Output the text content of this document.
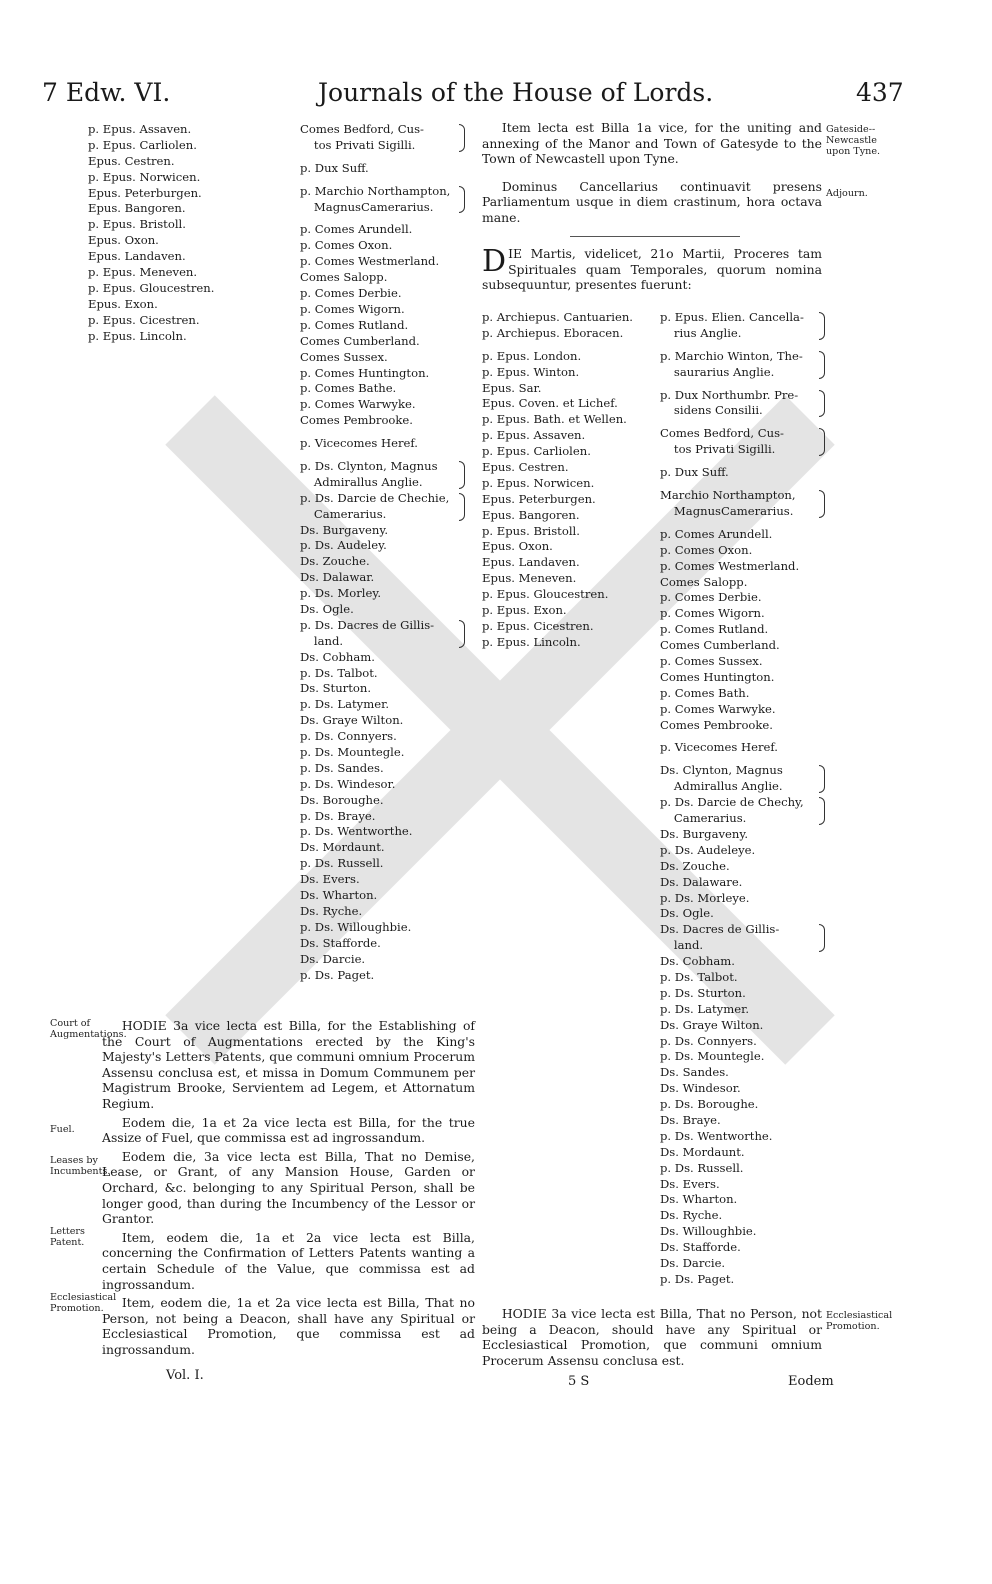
7 Edw. VI.	Journals of the House of Lords.	437
p. Epus. Assaven.
p. Epus. Carliolen.
Epus. Cestren.
p. Epus. Norwicen.
Epus. Peterburgen.
Epus. Bangoren.
p. Epus. Bristoll.
Epus. Oxon.
Epus. Landaven.
p. Epus. Meneven.
p. Epus. Gloucestren.
Epus. Exon.
p. Epus. Cicestren.
p. Epus. Lincoln.
Comes Bedford, Cus-
tos Privati Sigilli.
p. Dux Suff.
p. Marchio Northampton,
MagnusCamerarius.
p. Comes Arundell.
p. Comes Oxon.
p. Comes Westmerland.
Comes Salopp.
p. Comes Derbie.
p. Comes Wigorn.
p. Comes Rutland.
Comes Cumberland.
Comes Sussex.
p. Comes Huntington.
p. Comes Bathe.
p. Comes Warwyke.
Comes Pembrooke.
p. Vicecomes Heref.
p. Ds. Clynton, Magnus
Admirallus Anglie.
p. Ds. Darcie de Chechie,
Camerarius.
Ds. Burgaveny.
p. Ds. Audeley.
Ds. Zouche.
Ds. Dalawar.
p. Ds. Morley.
Ds. Ogle.
p. Ds. Dacres de Gillis-
land.
Ds. Cobham.
p. Ds. Talbot.
Ds. Sturton.
p. Ds. Latymer.
Ds. Graye Wilton.
p. Ds. Connyers.
p. Ds. Mountegle.
p. Ds. Sandes.
p. Ds. Windesor.
Ds. Boroughe.
p. Ds. Braye.
p. Ds. Wentworthe.
Ds. Mordaunt.
p. Ds. Russell.
Ds. Evers.
Ds. Wharton.
Ds. Ryche.
p. Ds. Willoughbie.
Ds. Stafforde.
Ds. Darcie.
p. Ds. Paget.

Item lecta est Billa 1a vice, for the uniting and annexing of the Manor and Town of Gatesyde to the Town of Newcastell upon Tyne.

Dominus Cancellarius continuavit presens Parliamentum usque in diem crastinum, hora octava mane.

DIE Martis, videlicet, 21o Martii, Proceres tam Spirituales quam Temporales, quorum nomina subsequuntur, presentes fuerunt:

p. Archiepus. Cantuarien.
p. Archiepus. Eboracen.
p. Epus. London.
p. Epus. Winton.
Epus. Sar.
Epus. Coven. et Lichef.
p. Epus. Bath. et Wellen.
p. Epus. Assaven.
p. Epus. Carliolen.
Epus. Cestren.
p. Epus. Norwicen.
Epus. Peterburgen.
Epus. Bangoren.
p. Epus. Bristoll.
Epus. Oxon.
Epus. Landaven.
Epus. Meneven.
p. Epus. Gloucestren.
p. Epus. Exon.
p. Epus. Cicestren.
p. Epus. Lincoln.
p. Epus. Elien. Cancella-
rius Anglie.
p. Marchio Winton, The-
saurarius Anglie.
p. Dux Northumbr. Pre-
sidens Consilii.
Comes Bedford, Cus-
tos Privati Sigilli.
p. Dux Suff.
Marchio Northampton,
MagnusCamerarius.
p. Comes Arundell.
p. Comes Oxon.
p. Comes Westmerland.
Comes Salopp.
p. Comes Derbie.
p. Comes Wigorn.
p. Comes Rutland.
Comes Cumberland.
p. Comes Sussex.
Comes Huntington.
p. Comes Bath.
p. Comes Warwyke.
Comes Pembrooke.
p. Vicecomes Heref.
Ds. Clynton, Magnus
Admirallus Anglie.
p. Ds. Darcie de Chechy,
Camerarius.
Ds. Burgaveny.
p. Ds. Audeleye.
Ds. Zouche.
Ds. Dalaware.
p. Ds. Morleye.
Ds. Ogle.
Ds. Dacres de Gillis-
land.
Ds. Cobham.
p. Ds. Talbot.
p. Ds. Sturton.
p. Ds. Latymer.
Ds. Graye Wilton.
p. Ds. Connyers.
p. Ds. Mountegle.
Ds. Sandes.
Ds. Windesor.
p. Ds. Boroughe.
Ds. Braye.
p. Ds. Wentworthe.
Ds. Mordaunt.
p. Ds. Russell.
Ds. Evers.
Ds. Wharton.
Ds. Ryche.
Ds. Willoughbie.
Ds. Stafforde.
Ds. Darcie.
p. Ds. Paget.

HODIE 3a vice lecta est Billa, for the Establishing of the Court of Augmentations erected by the King's Majesty's Letters Patents, que communi omnium Procerum Assensu conclusa est, et missa in Domum Communem per Magistrum Brooke, Servientem ad Legem, et Attornatum Regium.

Eodem die, 1a et 2a vice lecta est Billa, for the true Assize of Fuel, que commissa est ad ingrossandum.

Eodem die, 3a vice lecta est Billa, That no Demise, Lease, or Grant, of any Mansion House, Garden or Orchard, &c. belonging to any Spiritual Person, shall be longer good, than during the Incumbency of the Lessor or Grantor.

Item, eodem die, 1a et 2a vice lecta est Billa, concerning the Confirmation of Letters Patents wanting a certain Schedule of the Value, que commissa est ad ingrossandum.

Item, eodem die, 1a et 2a vice lecta est Billa, That no Person, not being a Deacon, shall have any Spiritual or Ecclesiastical Promotion, que commissa est ad ingrossandum.

HODIE 3a vice lecta est Billa, That no Person, not being a Deacon, should have any Spiritual or Ecclesiastical Promotion, que communi omnium Procerum Assensu conclusa est.

Court of Augmentations.
Fuel.
Leases by Incumbents.
Letters Patent.
Ecclesiastical Promotion.
Gateside--Newcastle upon Tyne.
Adjourn.
Ecclesiastical Promotion.
Vol. I.	5 S	Eodem
